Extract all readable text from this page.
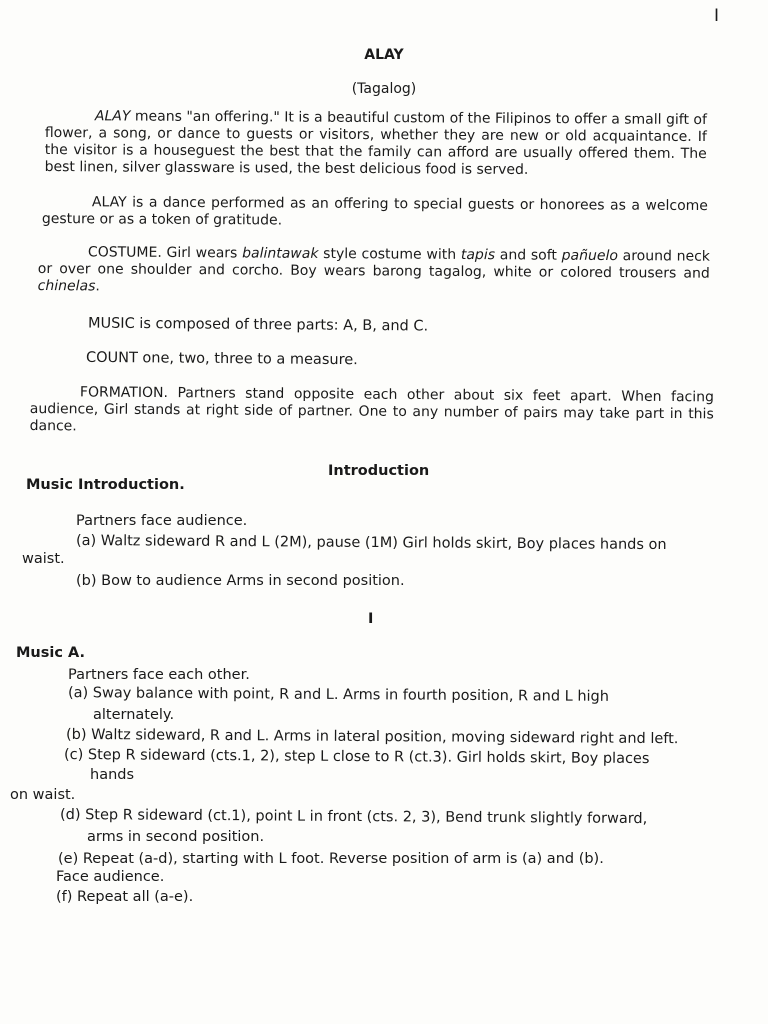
I
ALAY
(Tagalog)
ALAY means "an offering." It is a beautiful custom of the Filipinos to offer a small gift of flower, a song, or dance to guests or visitors, whether they are new or old acquaintance. If the visitor is a houseguest the best that the family can afford are usually offered them. The best linen, silver glassware is used, the best delicious food is served.
ALAY is a dance performed as an offering to special guests or honorees as a welcome gesture or as a token of gratitude.
COSTUME. Girl wears balintawak style costume with tapis and soft pañuelo around neck or over one shoulder and corcho. Boy wears barong tagalog, white or colored trousers and chinelas.
MUSIC is composed of three parts: A, B, and C.
COUNT one, two, three to a measure.
FORMATION. Partners stand opposite each other about six feet apart. When facing audience, Girl stands at right side of partner. One to any number of pairs may take part in this dance.
Introduction
Music Introduction.
Partners face audience.
(a) Waltz sideward R and L (2M), pause (1M) Girl holds skirt, Boy places hands on
waist.
(b) Bow to audience Arms in second position.
I
Music A.
Partners face each other.
(a) Sway balance with point, R and L. Arms in fourth position, R and L high
alternately.
(b) Waltz sideward, R and L. Arms in lateral position, moving sideward right and left.
(c) Step R sideward (cts.1, 2), step L close to R (ct.3). Girl holds skirt, Boy places
hands
on waist.
(d) Step R sideward (ct.1), point L in front (cts. 2, 3), Bend trunk slightly forward,
arms in second position.
(e) Repeat (a-d), starting with L foot. Reverse position of arm is (a) and (b).
Face audience.
(f) Repeat all (a-e).
